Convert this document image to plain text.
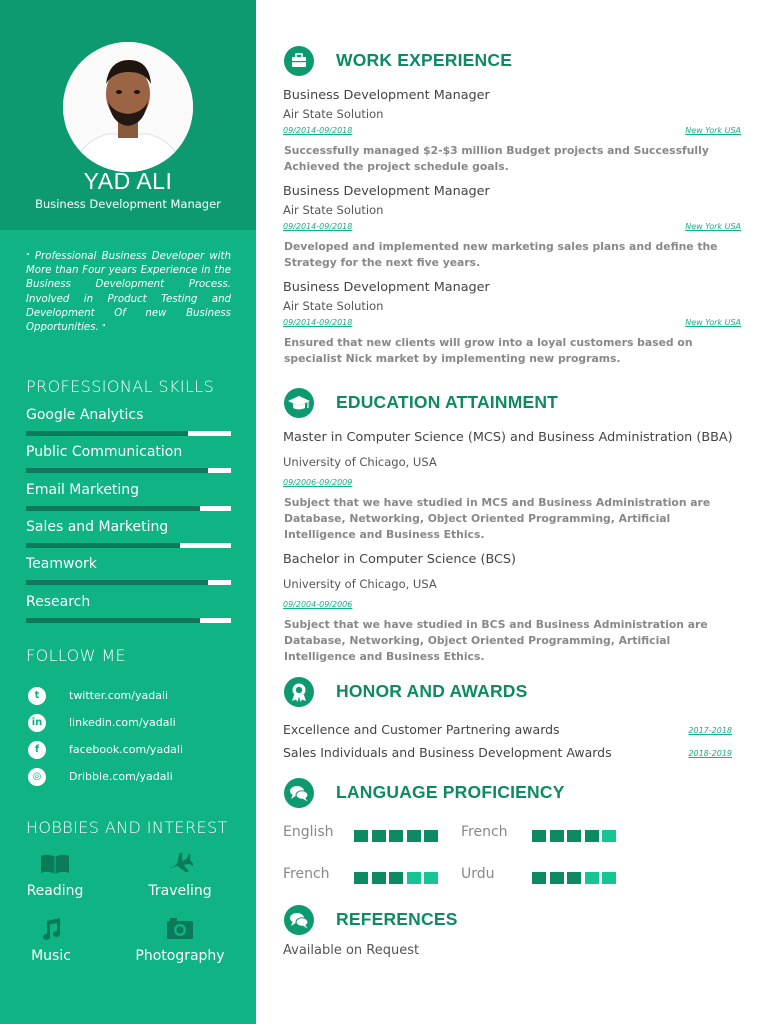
YAD ALI
Business Development Manager
" Professional Business Developer with More than Four years Experience in the Business Development Process. Involved in Product Testing and Development Of new Business Opportunities. "
PROFESSIONAL SKILLS
Google Analytics
Public Communication
Email Marketing
Sales and Marketing
Teamwork
Research
FOLLOW ME
t	twitter.com/yadali
in	linkedin.com/yadali
f	facebook.com/yadali
◎	Dribble.com/yadali
HOBBIES AND INTEREST
Reading	Traveling
Music	Photography
WORK EXPERIENCE
Business Development Manager
Air State Solution
09/2014-09/2018	New York USA
Successfully managed $2-$3 million Budget projects and Successfully Achieved the project schedule goals.
Business Development Manager
Air State Solution
09/2014-09/2018	New York USA
Developed and implemented new marketing sales plans and define the Strategy for the next five years.
Business Development Manager
Air State Solution
09/2014-09/2018	New York USA
Ensured that new clients will grow into a loyal customers based on specialist Nick market by implementing new programs.
EDUCATION ATTAINMENT
Master in Computer Science (MCS) and Business Administration (BBA)
University of Chicago, USA
09/2006-09/2009
Subject that we have studied in MCS and Business Administration are Database, Networking, Object Oriented Programming, Artificial Intelligence and Business Ethics.
Bachelor in Computer Science (BCS)
University of Chicago, USA
09/2004-09/2006
Subject that we have studied in BCS and Business Administration are Database, Networking, Object Oriented Programming, Artificial Intelligence and Business Ethics.
HONOR AND AWARDS
Excellence and Customer Partnering awards	2017-2018
Sales Individuals and Business Development Awards	2018-2019
LANGUAGE PROFICIENCY
English	French
French	Urdu
REFERENCES
Available on Request
